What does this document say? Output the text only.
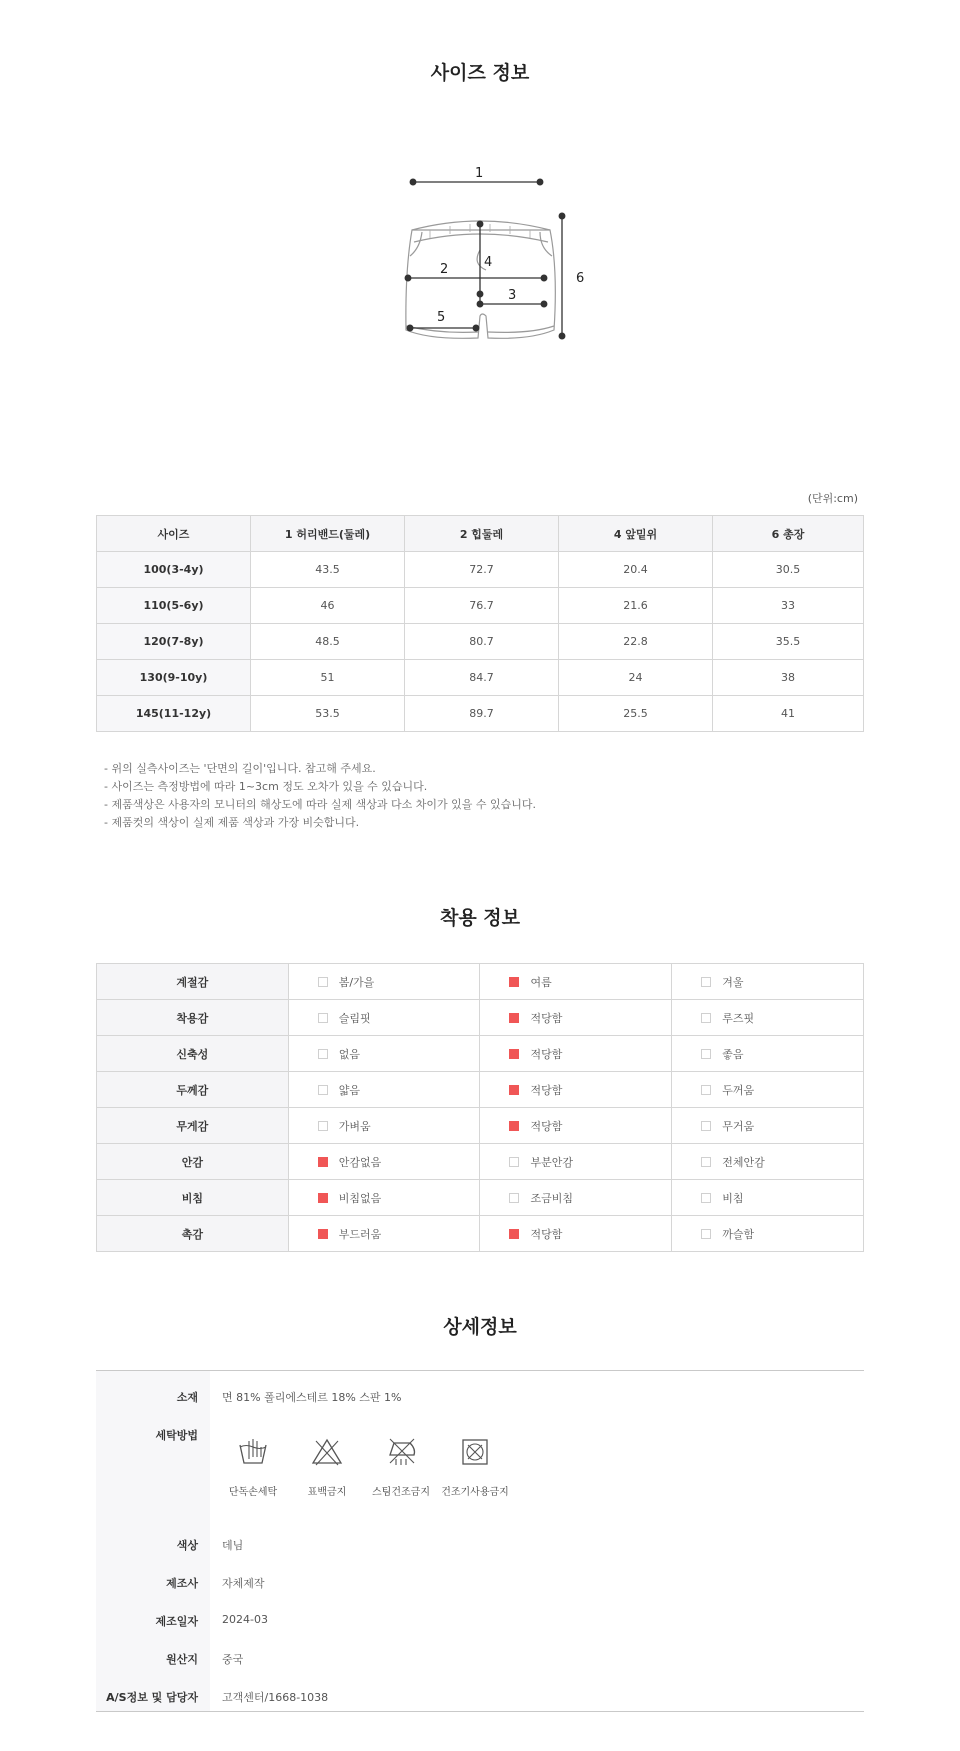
사이즈 정보
1
2
3
4
5
6
(단위:cm)
사이즈	1 허리밴드(둘레)	2 힙둘레	4 앞밑위	6 총장
100(3-4y)	43.5	72.7	20.4	30.5
110(5-6y)	46	76.7	21.6	33
120(7-8y)	48.5	80.7	22.8	35.5
130(9-10y)	51	84.7	24	38
145(11-12y)	53.5	89.7	25.5	41
- 위의 실측사이즈는 '단면의 길이'입니다. 참고해 주세요.
- 사이즈는 측정방법에 따라 1~3cm 정도 오차가 있을 수 있습니다.
- 제품색상은 사용자의 모니터의 해상도에 따라 실제 색상과 다소 차이가 있을 수 있습니다.
- 제품컷의 색상이 실제 제품 색상과 가장 비슷합니다.
착용 정보
계절감	봄/가을	여름	겨울
착용감	슬림핏	적당함	루즈핏
신축성	없음	적당함	좋음
두께감	얇음	적당함	두꺼움
무게감	가벼움	적당함	무거움
안감	안감없음	부분안감	전체안감
비침	비침없음	조금비침	비침
촉감	부드러움	적당함	까슬함
상세정보
소재 면 81% 폴리에스테르 18% 스판 1%
세탁방법
단독손세탁	표백금지	스팀건조금지	건조기사용금지
색상 데님
제조사 자체제작
제조일자 2024-03
원산지 중국
A/S정보 및 담당자 고객센터/1668-1038
